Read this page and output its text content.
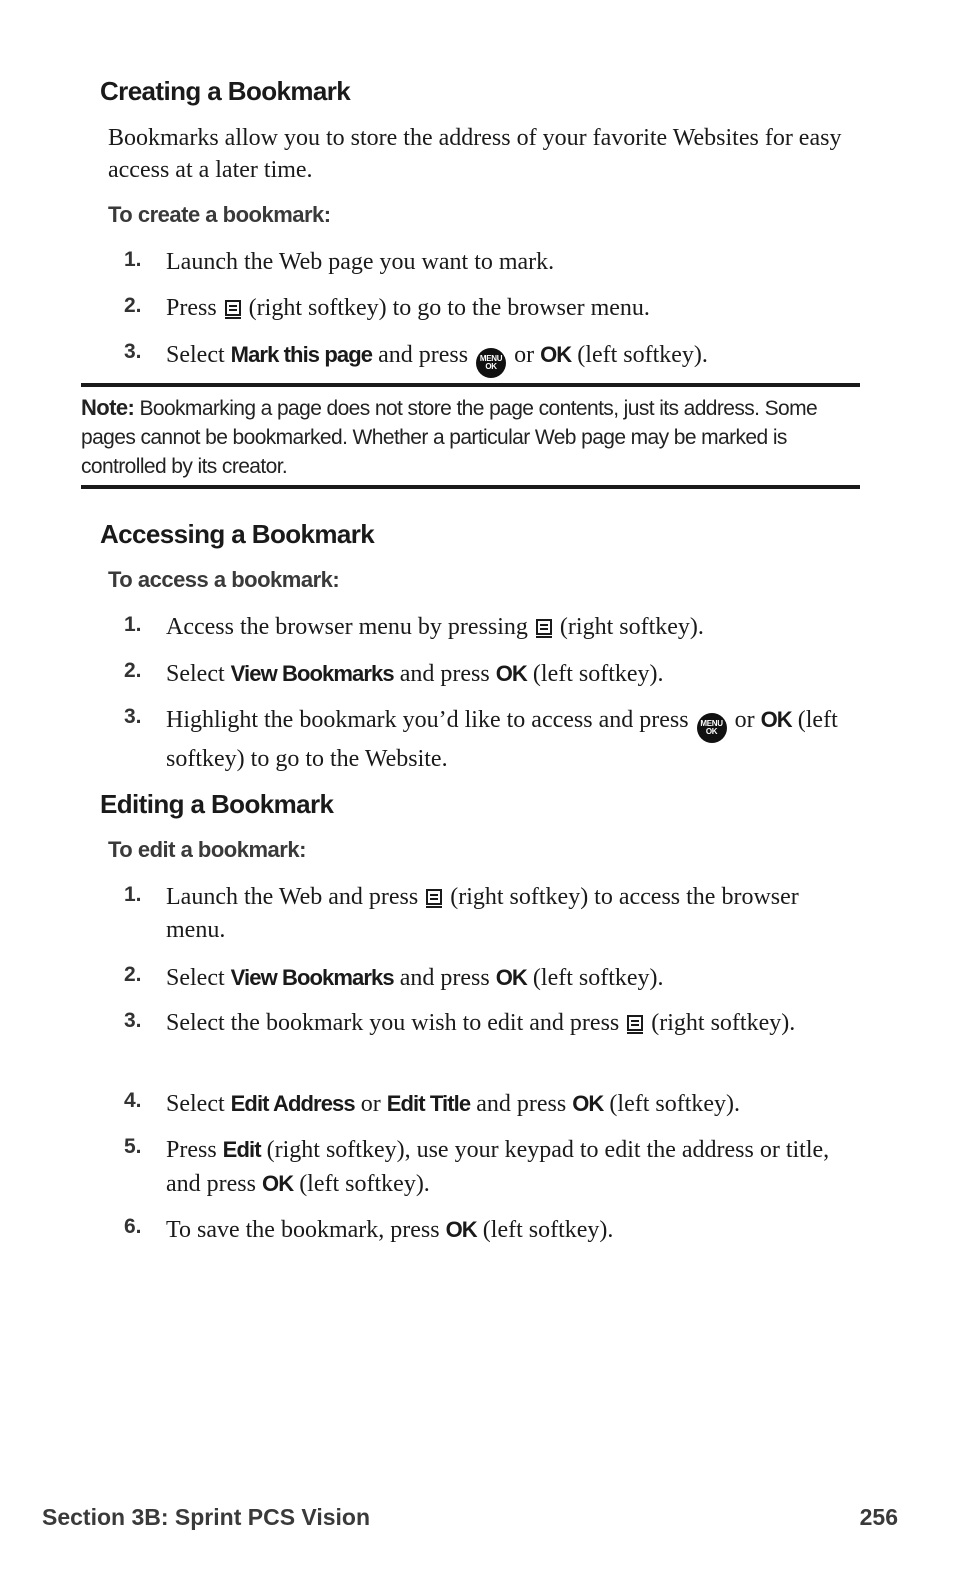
Creating a Bookmark

Bookmarks allow you to store the address of your favorite Websites for easy access at a later time.

To create a bookmark:
1. Launch the Web page you want to mark.
2. Press (right softkey) to go to the browser menu.
3. Select Mark this page and press MENU
OK or OK (left softkey).

Note: Bookmarking a page does not store the page contents, just its address. Some pages cannot be bookmarked. Whether a particular Web page may be marked is controlled by its creator.

Accessing a Bookmark
To access a bookmark:
1. Access the browser menu by pressing (right softkey).
2. Select View Bookmarks and press OK (left softkey).
3. Highlight the bookmark you’d like to access and press MENU
OK or OK (left softkey) to go to the Website.
Editing a Bookmark
To edit a bookmark:
1. Launch the Web and press (right softkey) to access the browser menu.
2. Select View Bookmarks and press OK (left softkey).
3. Select the bookmark you wish to edit and press (right softkey).
4. Select Edit Address or Edit Title and press OK (left softkey).
5. Press Edit (right softkey), use your keypad to edit the address or title, and press OK (left softkey).
6. To save the bookmark, press OK (left softkey).
Section 3B: Sprint PCS Vision	256
